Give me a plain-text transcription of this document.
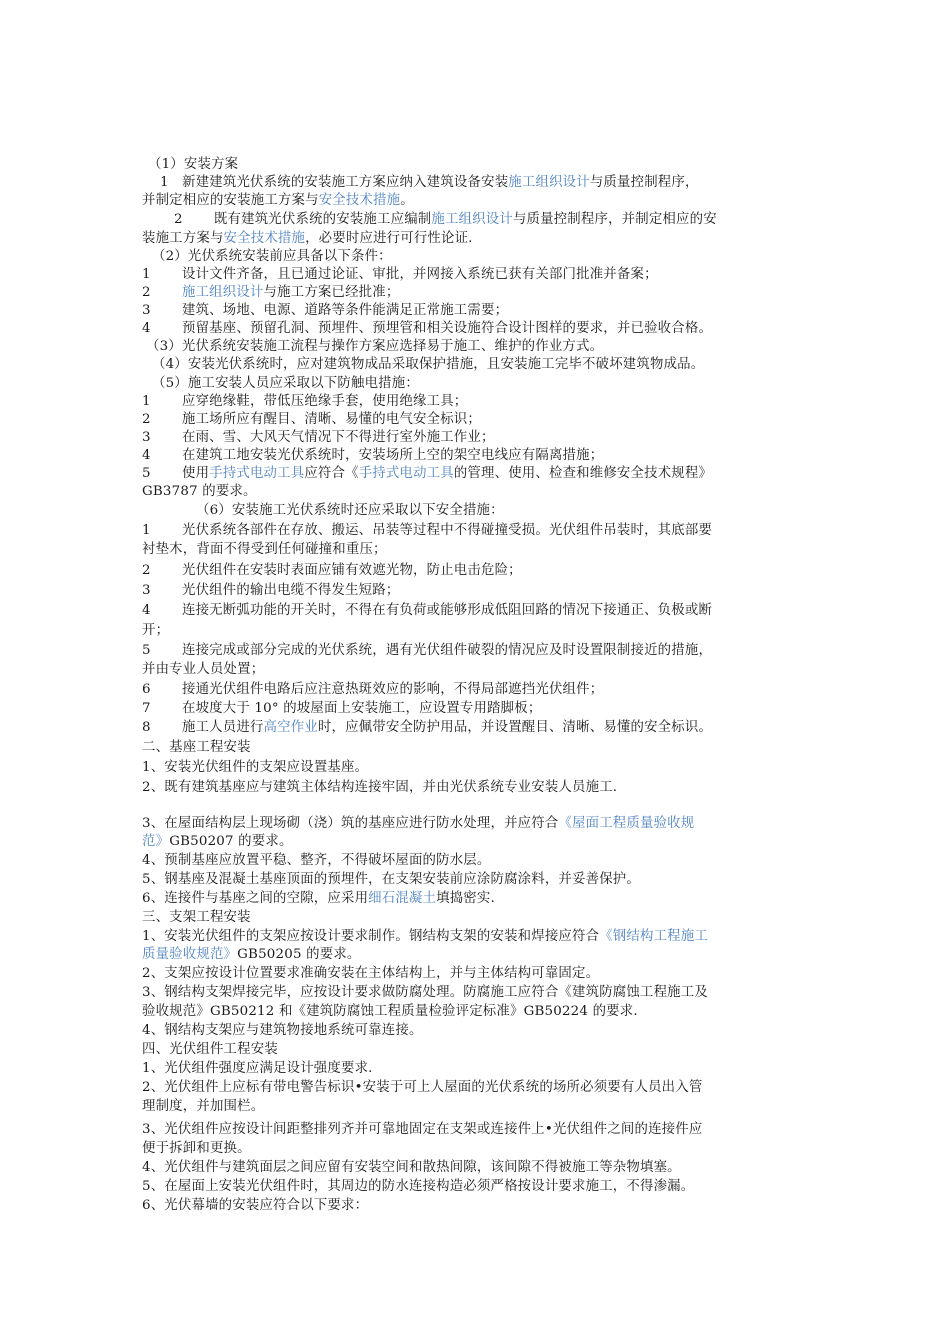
（1）安装方案
1 新建建筑光伏系统的安装施工方案应纳入建筑设备安装施工组织设计与质量控制程序，
并制定相应的安装施工方案与安全技术措施。
2 既有建筑光伏系统的安装施工应编制施工组织设计与质量控制程序，并制定相应的安
装施工方案与安全技术措施，必要时应进行可行性论证.
（2）光伏系统安装前应具备以下条件：
1 设计文件齐备，且已通过论证、审批，并网接入系统已获有关部门批准并备案；
2 施工组织设计与施工方案已经批准；
3 建筑、场地、电源、道路等条件能满足正常施工需要；
4 预留基座、预留孔洞、预埋件、预埋管和相关设施符合设计图样的要求，并已验收合格。
（3）光伏系统安装施工流程与操作方案应选择易于施工、维护的作业方式。
（4）安装光伏系统时，应对建筑物成品采取保护措施，且安装施工完毕不破坏建筑物成品。
（5）施工安装人员应采取以下防触电措施：
1 应穿绝缘鞋，带低压绝缘手套，使用绝缘工具；
2 施工场所应有醒目、清晰、易懂的电气安全标识；
3 在雨、雪、大风天气情况下不得进行室外施工作业；
4 在建筑工地安装光伏系统时，安装场所上空的架空电线应有隔离措施；
5 使用手持式电动工具应符合《手持式电动工具的管理、使用、检查和维修安全技术规程》
GB3787 的要求。
（6）安装施工光伏系统时还应采取以下安全措施：
1 光伏系统各部件在存放、搬运、吊装等过程中不得碰撞受损。光伏组件吊装时，其底部要
衬垫木，背面不得受到任何碰撞和重压；
2 光伏组件在安装时表面应铺有效遮光物，防止电击危险；
3 光伏组件的输出电缆不得发生短路；
4 连接无断弧功能的开关时，不得在有负荷或能够形成低阻回路的情况下接通正、负极或断
开；
5 连接完成或部分完成的光伏系统，遇有光伏组件破裂的情况应及时设置限制接近的措施，
并由专业人员处置；
6 接通光伏组件电路后应注意热斑效应的影响，不得局部遮挡光伏组件；
7 在坡度大于 10° 的坡屋面上安装施工，应设置专用踏脚板；
8 施工人员进行高空作业时，应佩带安全防护用品，并设置醒目、清晰、易懂的安全标识。
二、基座工程安装
1、安装光伏组件的支架应设置基座。
2、既有建筑基座应与建筑主体结构连接牢固，并由光伏系统专业安装人员施工.
3、在屋面结构层上现场砌（浇）筑的基座应进行防水处理，并应符合《屋面工程质量验收规
范》GB50207 的要求。
4、预制基座应放置平稳、整齐，不得破坏屋面的防水层。
5、钢基座及混凝土基座顶面的预埋件，在支架安装前应涂防腐涂料，并妥善保护。
6、连接件与基座之间的空隙，应采用细石混凝土填捣密实.
三、支架工程安装
1、安装光伏组件的支架应按设计要求制作。钢结构支架的安装和焊接应符合《钢结构工程施工
质量验收规范》GB50205 的要求。
2、支架应按设计位置要求准确安装在主体结构上，并与主体结构可靠固定。
3、钢结构支架焊接完毕，应按设计要求做防腐处理。防腐施工应符合《建筑防腐蚀工程施工及
验收规范》GB50212 和《建筑防腐蚀工程质量检验评定标准》GB50224 的要求.
4、钢结构支架应与建筑物接地系统可靠连接。
四、光伏组件工程安装
1、光伏组件强度应满足设计强度要求.
2、光伏组件上应标有带电警告标识•安装于可上人屋面的光伏系统的场所必须要有人员出入管
理制度，并加围栏。
3、光伏组件应按设计间距整排列齐并可靠地固定在支架或连接件上•光伏组件之间的连接件应
便于拆卸和更换。
4、光伏组件与建筑面层之间应留有安装空间和散热间隙，该间隙不得被施工等杂物填塞。
5、在屋面上安装光伏组件时，其周边的防水连接构造必须严格按设计要求施工，不得渗漏。
6、光伏幕墙的安装应符合以下要求：
